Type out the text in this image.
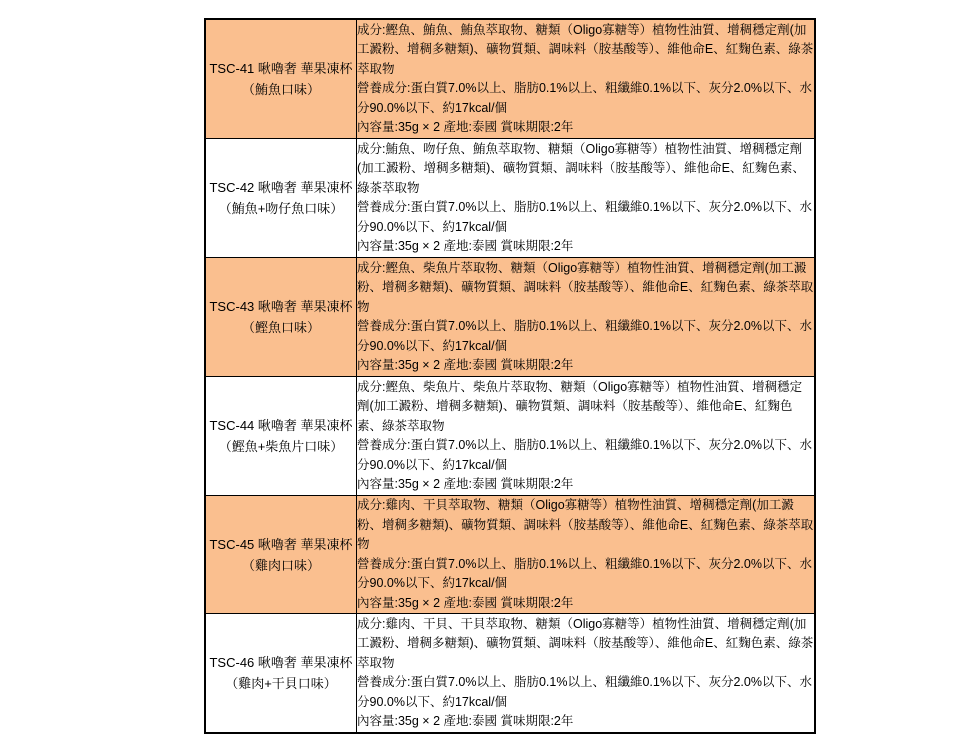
TSC-41 啾嚕奢 華果凍杯
（鮪魚口味）

成分:鰹魚、鮪魚、鮪魚萃取物、糖類（Oligo寡糖等）植物性油質、增稠穩定劑(加工澱粉、增稠多糖類)、礦物質類、調味料（胺基酸等）、維他命E、紅麴色素、綠茶萃取物
營養成分:蛋白質7.0%以上、脂肪0.1%以上、粗纖維0.1%以下、灰分2.0%以下、水分90.0%以下、約17kcal/個
內容量:35g × 2 產地:泰國 賞味期限:2年

TSC-42 啾嚕奢 華果凍杯
（鮪魚+吻仔魚口味）

成分:鮪魚、吻仔魚、鮪魚萃取物、糖類（Oligo寡糖等）植物性油質、增稠穩定劑(加工澱粉、增稠多糖類)、礦物質類、調味料（胺基酸等）、維他命E、紅麴色素、綠茶萃取物
營養成分:蛋白質7.0%以上、脂肪0.1%以上、粗纖維0.1%以下、灰分2.0%以下、水分90.0%以下、約17kcal/個
內容量:35g × 2 產地:泰國 賞味期限:2年

TSC-43 啾嚕奢 華果凍杯
（鰹魚口味）

成分:鰹魚、柴魚片萃取物、糖類（Oligo寡糖等）植物性油質、增稠穩定劑(加工澱粉、增稠多糖類)、礦物質類、調味料（胺基酸等）、維他命E、紅麴色素、綠茶萃取物
營養成分:蛋白質7.0%以上、脂肪0.1%以上、粗纖維0.1%以下、灰分2.0%以下、水分90.0%以下、約17kcal/個
內容量:35g × 2 產地:泰國 賞味期限:2年

TSC-44 啾嚕奢 華果凍杯
（鰹魚+柴魚片口味）

成分:鰹魚、柴魚片、柴魚片萃取物、糖類（Oligo寡糖等）植物性油質、增稠穩定劑(加工澱粉、增稠多糖類)、礦物質類、調味料（胺基酸等）、維他命E、紅麴色素、綠茶萃取物
營養成分:蛋白質7.0%以上、脂肪0.1%以上、粗纖維0.1%以下、灰分2.0%以下、水分90.0%以下、約17kcal/個
內容量:35g × 2 產地:泰國 賞味期限:2年

TSC-45 啾嚕奢 華果凍杯
（雞肉口味）

成分:雞肉、干貝萃取物、糖類（Oligo寡糖等）植物性油質、增稠穩定劑(加工澱粉、增稠多糖類)、礦物質類、調味料（胺基酸等）、維他命E、紅麴色素、綠茶萃取物
營養成分:蛋白質7.0%以上、脂肪0.1%以上、粗纖維0.1%以下、灰分2.0%以下、水分90.0%以下、約17kcal/個
內容量:35g × 2 產地:泰國 賞味期限:2年

TSC-46 啾嚕奢 華果凍杯
（雞肉+干貝口味）

成分:雞肉、干貝、干貝萃取物、糖類（Oligo寡糖等）植物性油質、增稠穩定劑(加工澱粉、增稠多糖類)、礦物質類、調味料（胺基酸等）、維他命E、紅麴色素、綠茶萃取物
營養成分:蛋白質7.0%以上、脂肪0.1%以上、粗纖維0.1%以下、灰分2.0%以下、水分90.0%以下、約17kcal/個
內容量:35g × 2 產地:泰國 賞味期限:2年
